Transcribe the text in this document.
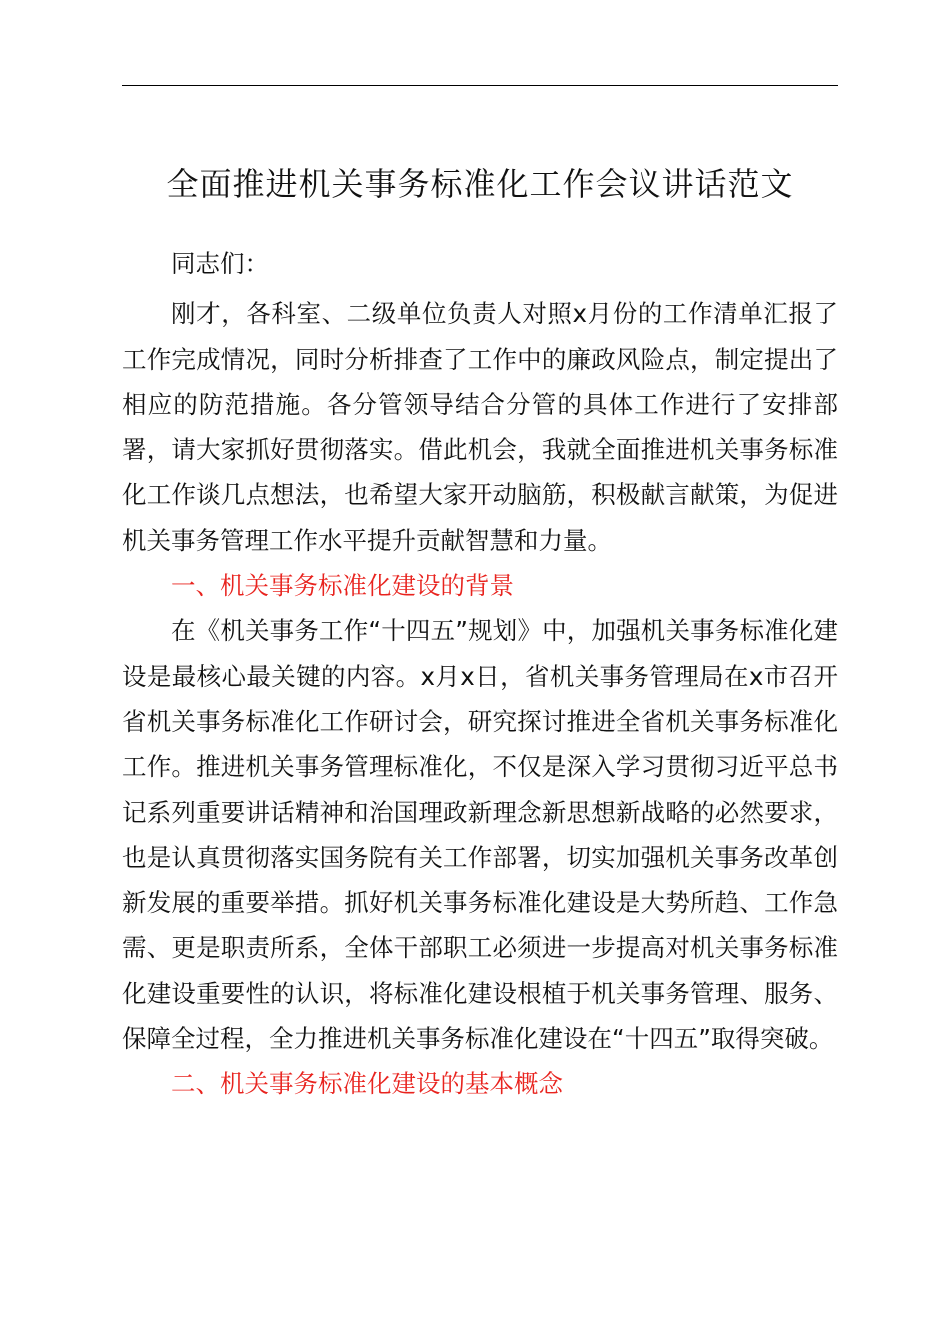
全面推进机关事务标准化工作会议讲话范文

同志们：

刚才，各科室、二级单位负责人对照x月份的工作清单汇报了工作完成情况，同时分析排查了工作中的廉政风险点，制定提出了相应的防范措施。各分管领导结合分管的具体工作进行了安排部署，请大家抓好贯彻落实。借此机会，我就全面推进机关事务标准化工作谈几点想法，也希望大家开动脑筋，积极献言献策，为促进机关事务管理工作水平提升贡献智慧和力量。

一、机关事务标准化建设的背景

在《机关事务工作“十四五”规划》中，加强机关事务标准化建设是最核心最关键的内容。x月x日，省机关事务管理局在x市召开省机关事务标准化工作研讨会，研究探讨推进全省机关事务标准化工作。推进机关事务管理标准化，不仅是深入学习贯彻习近平总书记系列重要讲话精神和治国理政新理念新思想新战略的必然要求，也是认真贯彻落实国务院有关工作部署，切实加强机关事务改革创新发展的重要举措。抓好机关事务标准化建设是大势所趋、工作急需、更是职责所系，全体干部职工必须进一步提高对机关事务标准化建设重要性的认识，将标准化建设根植于机关事务管理、服务、保障全过程，全力推进机关事务标准化建设在“十四五”取得突破。

二、机关事务标准化建设的基本概念
